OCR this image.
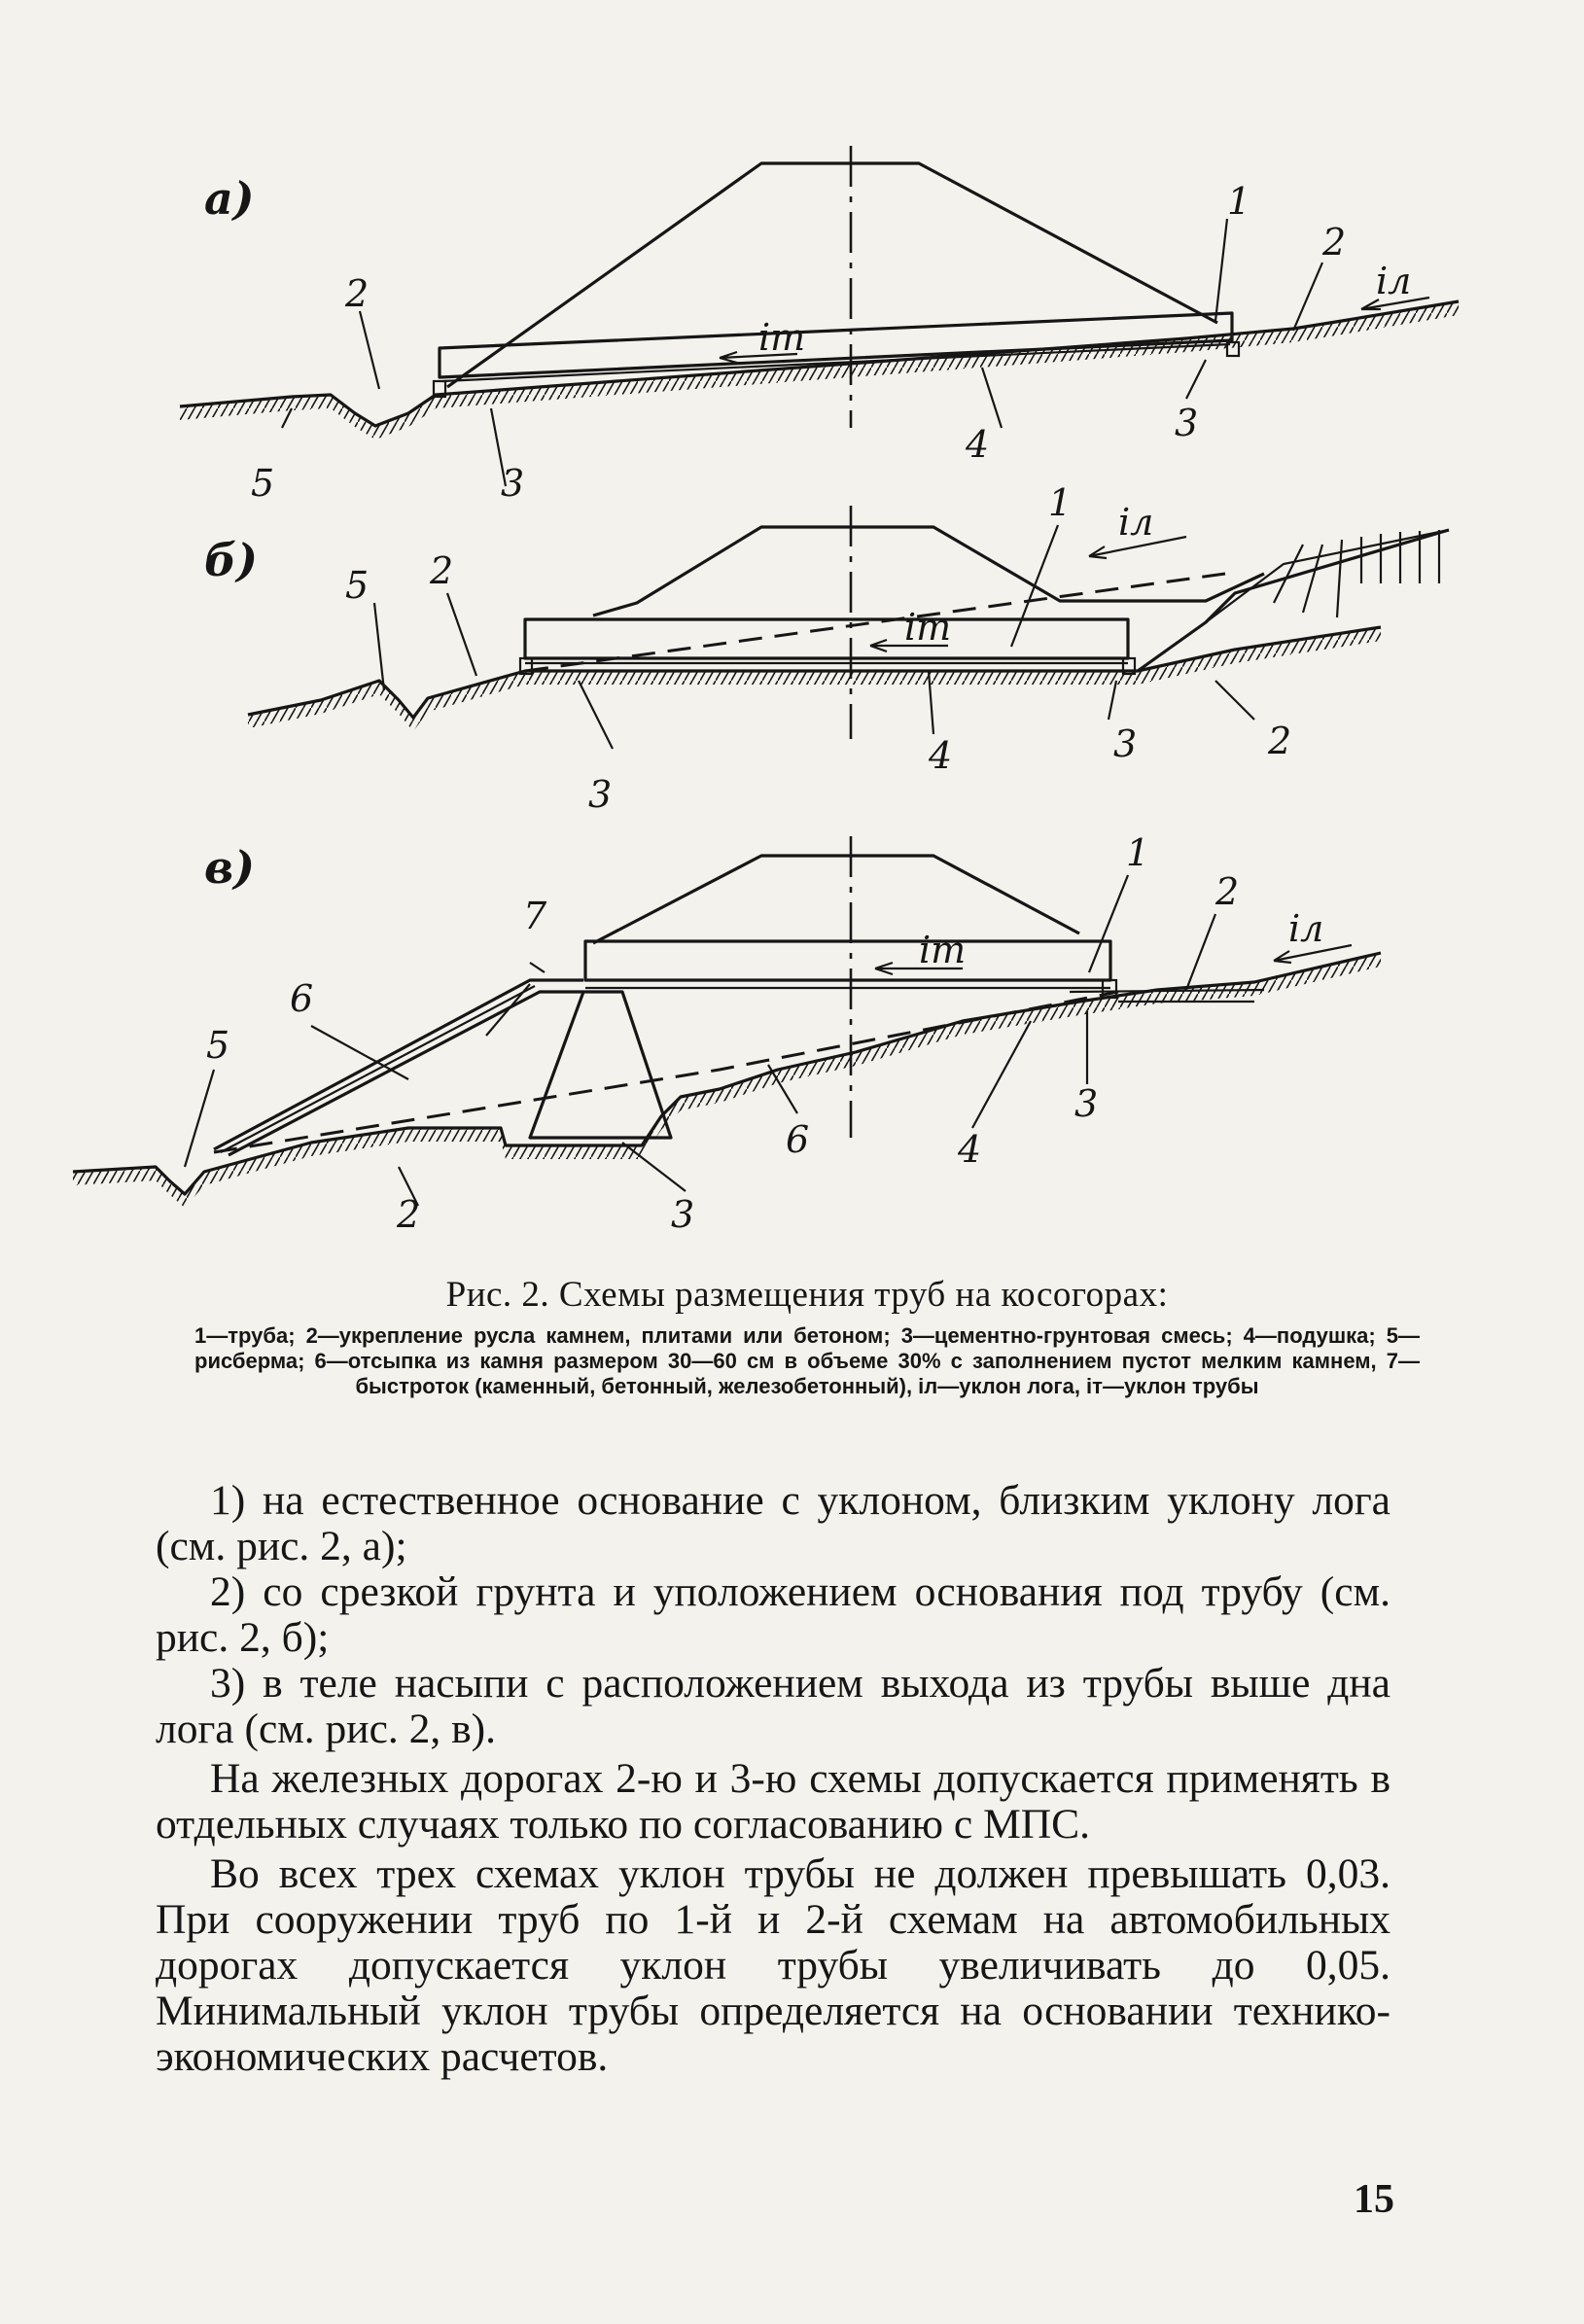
а)
iт
iл
1
2
2
3
3
4
5
б)
iт
iл
1
2
2
3
3
4
5
в)
iт	iл
1
2
2	3
3
4
5
6
6
7

Рис. 2. Схемы размещения труб на косогорах:

1—труба; 2—укрепление русла камнем, плитами или бетоном; 3—цементно-грунтовая смесь; 4—подушка; 5—рисберма; 6—отсыпка из камня размером 30—60 см в объеме 30% с заполнением пустот мелким камнем, 7—быстроток (каменный, бетонный, железобетонный), iл—уклон лога, iт—уклон трубы

1) на естественное основание с уклоном, близким уклону лога (см. рис. 2, а);

2) со срезкой грунта и уположением основания под трубу (см. рис. 2, б);

3) в теле насыпи с расположением выхода из трубы выше дна лога (см. рис. 2, в).

На железных дорогах 2-ю и 3-ю схемы допускается применять в отдельных случаях только по согласованию с МПС.

Во всех трех схемах уклон трубы не должен превышать 0,03. При сооружении труб по 1-й и 2-й схемам на автомобильных дорогах допускается уклон трубы увеличивать до 0,05. Минимальный уклон трубы определяется на основании технико-экономических расчетов.

15
